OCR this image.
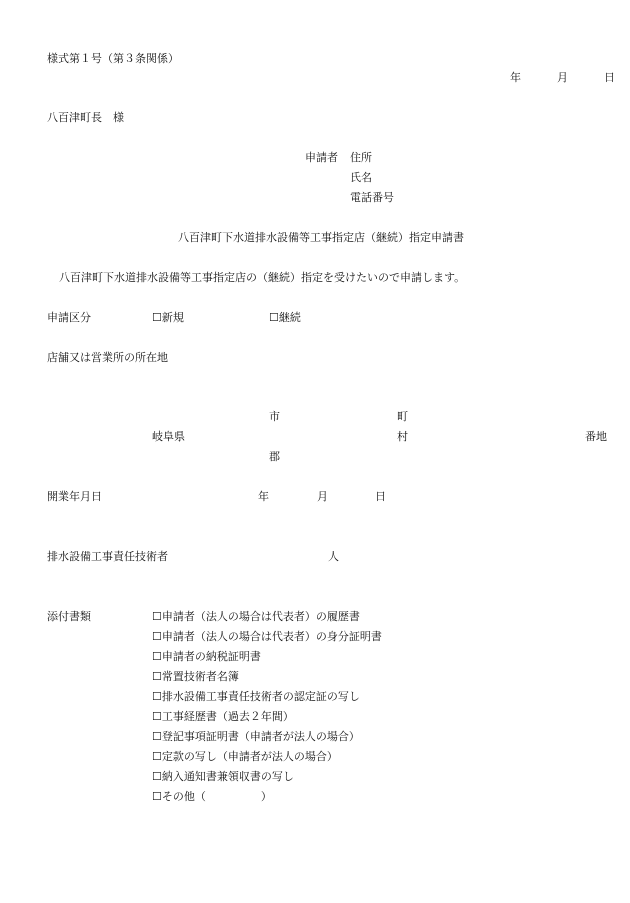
様式第１号（第３条関係）
年	月	日
八百津町長　様
申請者 住所
氏名
電話番号
八百津町下水道排水設備等工事指定店（継続）指定申請書
八百津町下水道排水設備等工事指定店の（継続）指定を受けたいので申請します。
申請区分	☐新規	☐継続
店舗又は営業所の所在地
市	町
岐阜県	村	番地
郡
開業年月日	年	月	日
排水設備工事責任技術者	人
添付書類	☐申請者（法人の場合は代表者）の履歴書
☐申請者（法人の場合は代表者）の身分証明書
☐申請者の納税証明書
☐常置技術者名簿
☐排水設備工事責任技術者の認定証の写し
☐工事経歴書（過去２年間）
☐登記事項証明書（申請者が法人の場合）
☐定款の写し（申請者が法人の場合）
☐納入通知書兼領収書の写し
☐その他（　　　　　）
